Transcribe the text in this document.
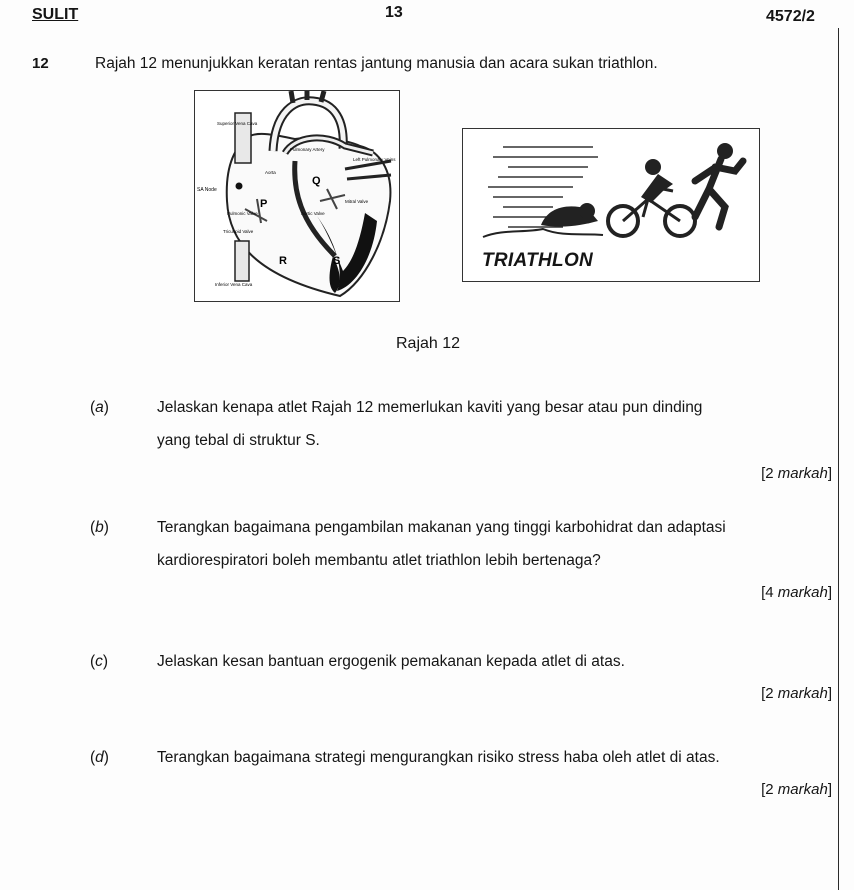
SULIT	13	4572/2
12	Rajah 12 menunjukkan keratan rentas jantung manusia dan acara sukan triathlon.
Superior Vena Cava
Pulmonary Artery
Aorta
Left Pulmonary Veins
SA Node
Mitral Valve
Pulmonic Valve	Aortic Valve
Tricuspid Valve
Inferior Vena Cava
P
Q
R	S	TRIATHLON
Rajah 12
(a)	Jelaskan kenapa atlet Rajah 12 memerlukan kaviti yang besar atau pun dinding
yang tebal di struktur S.
[2 markah]
(b)	Terangkan bagaimana pengambilan makanan yang tinggi karbohidrat dan adaptasi
kardiorespiratori boleh membantu atlet triathlon lebih bertenaga?
[4 markah]
(c)	Jelaskan kesan bantuan ergogenik pemakanan kepada atlet di atas.
[2 markah]
(d)	Terangkan bagaimana strategi mengurangkan risiko stress haba oleh atlet di atas.
[2 markah]
